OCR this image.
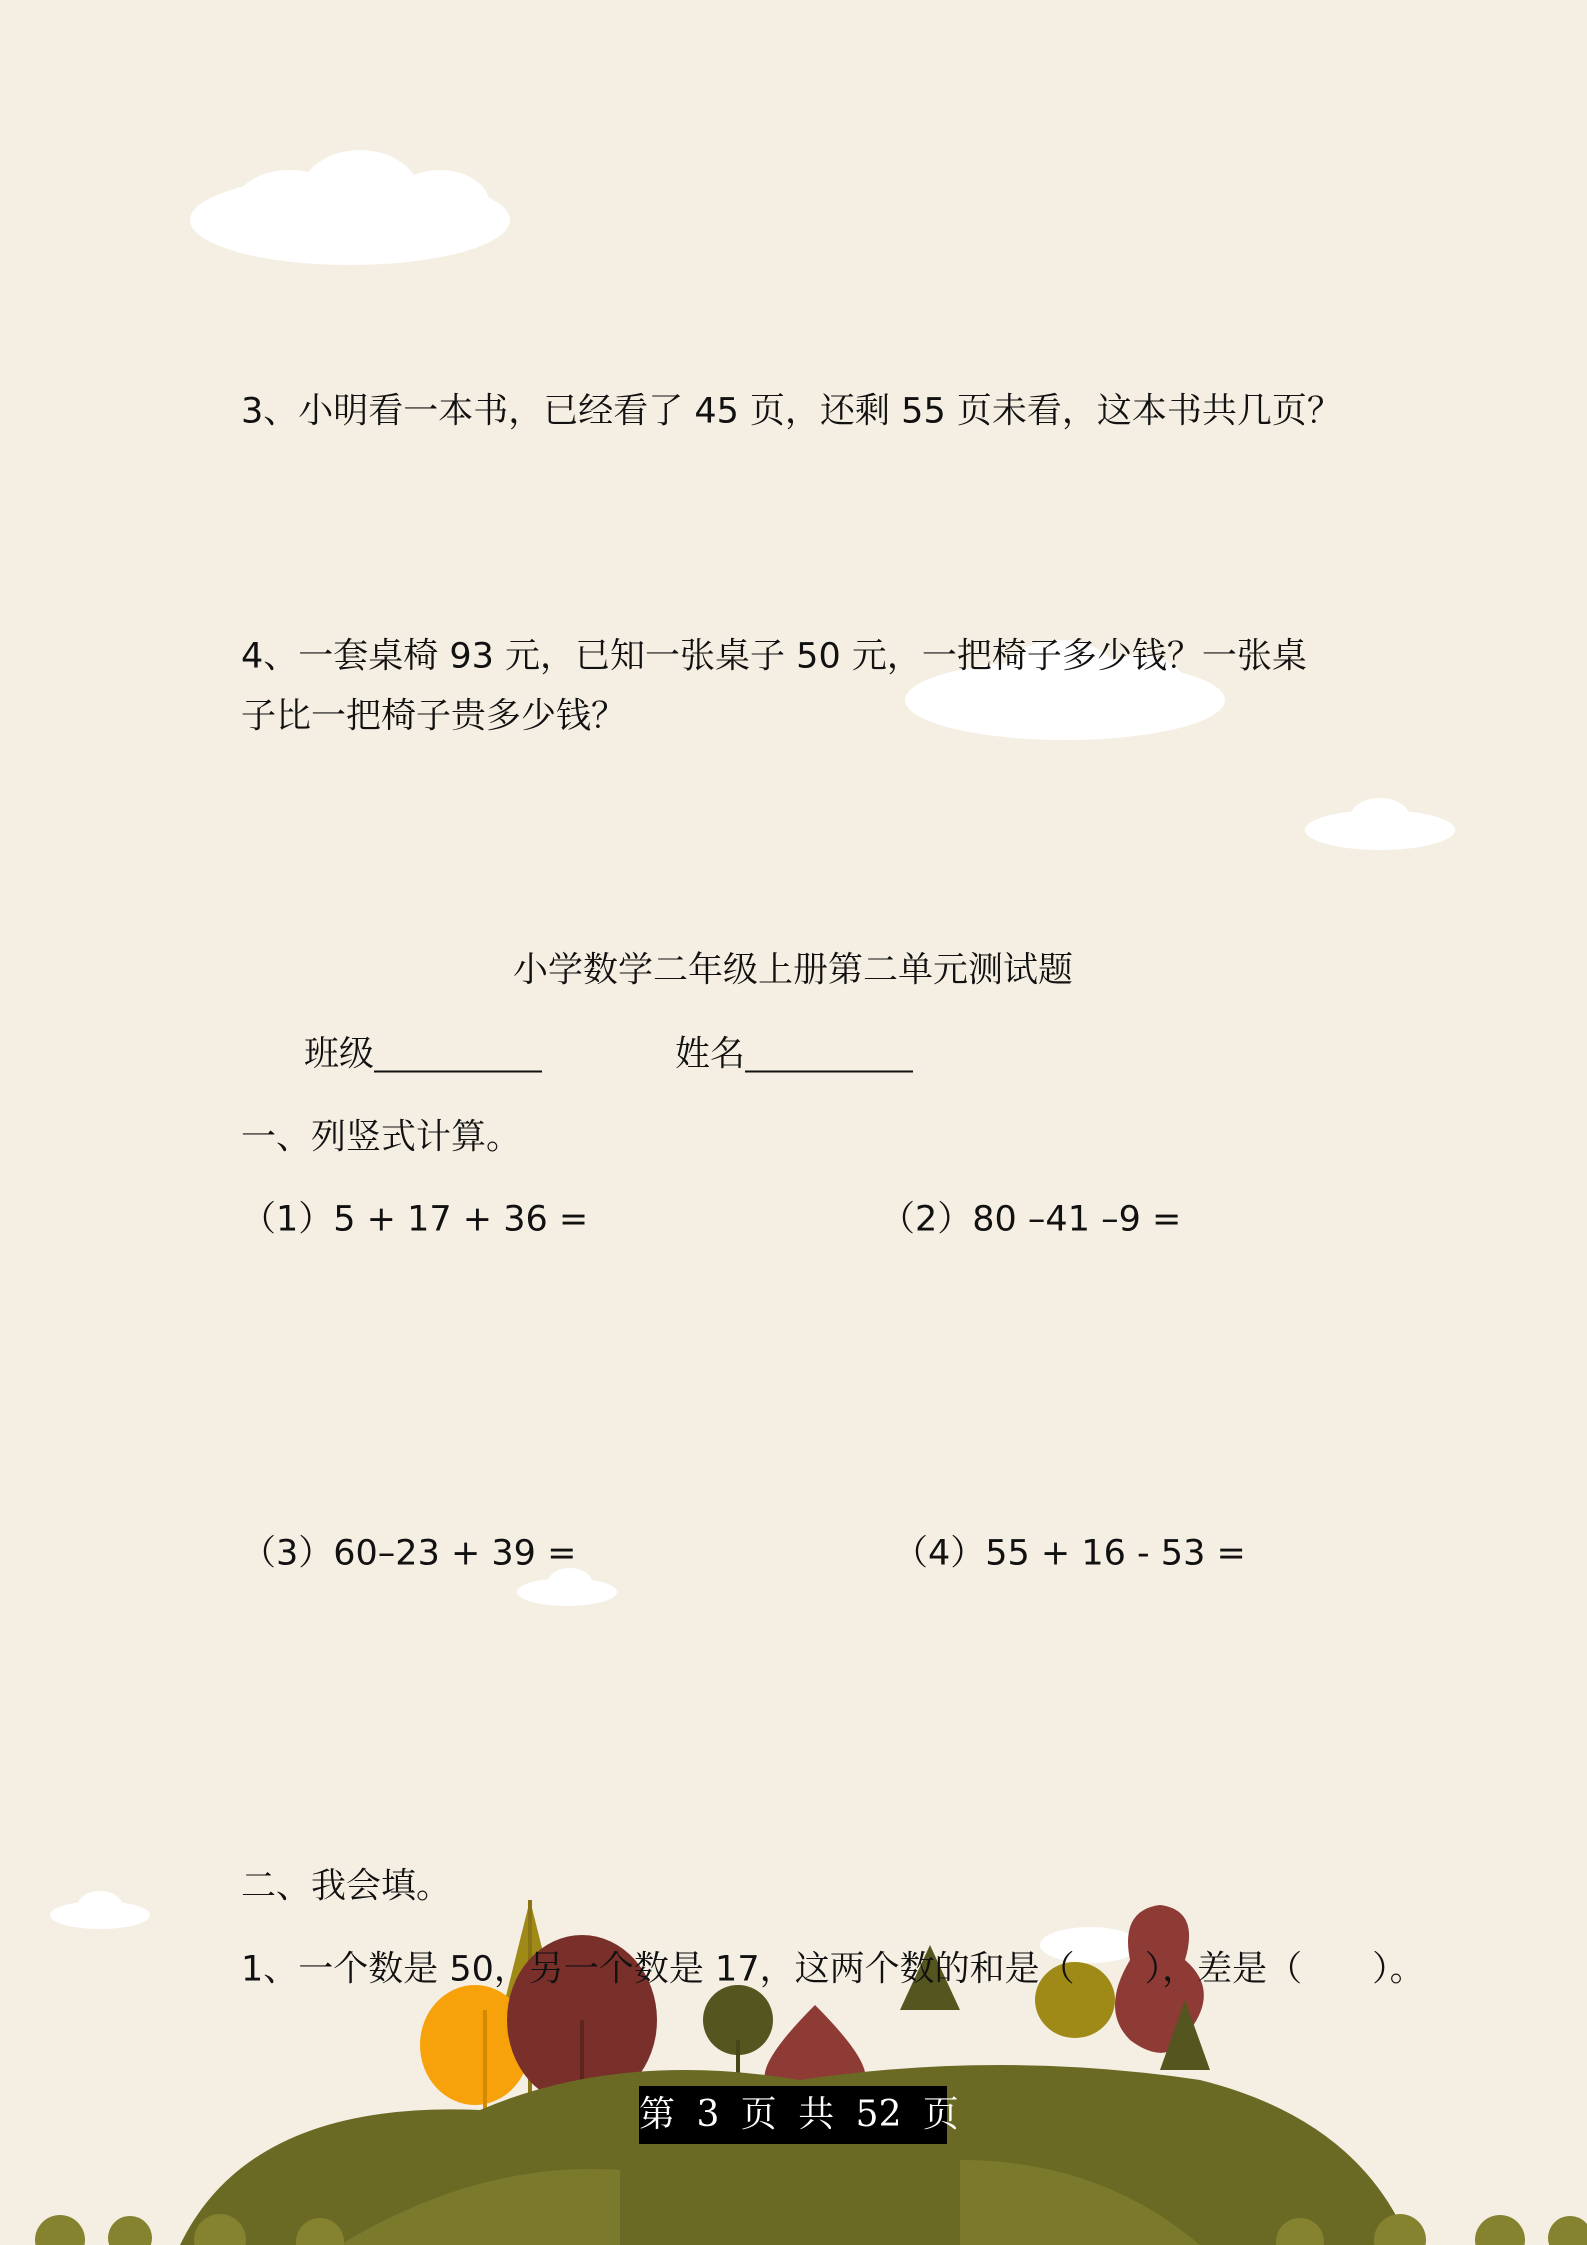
3、小明看一本书，已经看了 45 页，还剩 55 页未看，这本书共几页？
4、一套桌椅 93 元，已知一张桌子 50 元，一把椅子多少钱？一张桌
子比一把椅子贵多少钱？
小学数学二年级上册第二单元测试题
班级	姓名
一、列竖式计算。
（1）5 + 17 + 36 =	（2）80 –41 –9 =
（3）60–23 + 39 =	（4）55 + 16 - 53 =
二、我会填。
1、一个数是 50，另一个数是 17，这两个数的和是（　　），差是（　　）。
第 3 页 共 52 页
